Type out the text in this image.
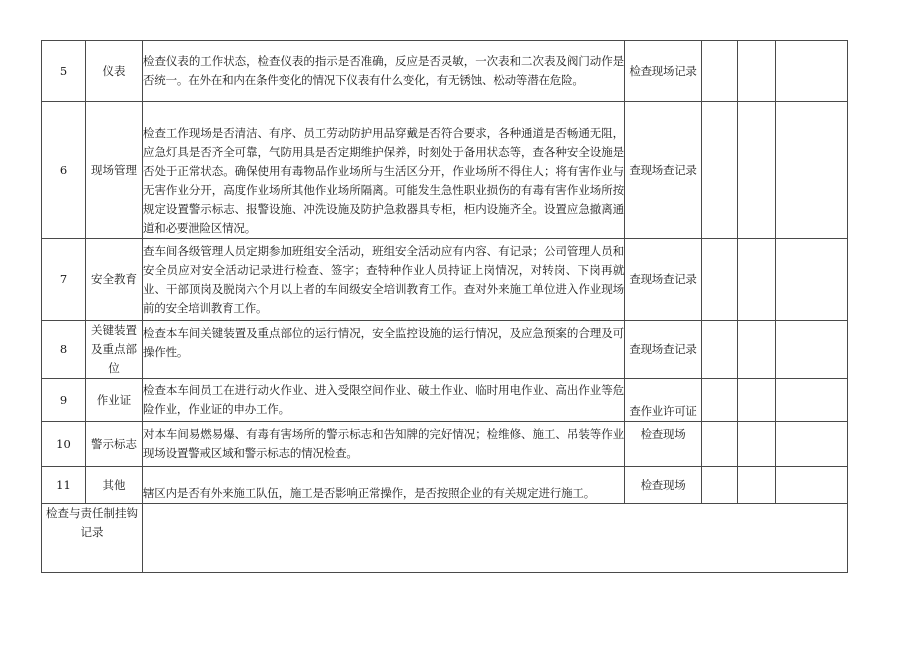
5	仪表	检查仪表的工作状态，检查仪表的指示是否准确，反应是否灵敏，一次表和二次表及阀门动作是否统一。在外在和内在条件变化的情况下仪表有什么变化，有无锈蚀、松动等潜在危险。	检查现场记录			
6	现场管理	检查工作现场是否清洁、有序、员工劳动防护用品穿戴是否符合要求，各种通道是否畅通无阻，应急灯具是否齐全可靠，气防用具是否定期维护保养，时刻处于备用状态等，查各种安全设施是否处于正常状态。确保使用有毒物品作业场所与生活区分开，作业场所不得住人；将有害作业与无害作业分开，高度作业场所其他作业场所隔离。可能发生急性职业损伤的有毒有害作业场所按规定设置警示标志、报警设施、冲洗设施及防护急救器具专柜，柜内设施齐全。设置应急撤离通道和必要泄险区情况。	查现场查记录			
7	安全教育	查车间各级管理人员定期参加班组安全活动，班组安全活动应有内容、有记录；公司管理人员和安全员应对安全活动记录进行检查、签字；查特种作业人员持证上岗情况，对转岗、下岗再就业、干部顶岗及脱岗六个月以上者的车间级安全培训教育工作。查对外来施工单位进入作业现场前的安全培训教育工作。	查现场查记录			
8	关键装置及重点部位	检查本车间关键装置及重点部位的运行情况，安全监控设施的运行情况，及应急预案的合理及可操作性。	查现场查记录			
9	作业证	检查本车间员工在进行动火作业、进入受限空间作业、破土作业、临时用电作业、高出作业等危险作业，作业证的申办工作。	查作业许可证			
10	警示标志	对本车间易燃易爆、有毒有害场所的警示标志和告知牌的完好情况；检维修、施工、吊装等作业现场设置警戒区域和警示标志的情况检查。	检查现场			
11	其他	辖区内是否有外来施工队伍，施工是否影响正常操作，是否按照企业的有关规定进行施工。	检查现场			
检查与责任制挂钩记录						
